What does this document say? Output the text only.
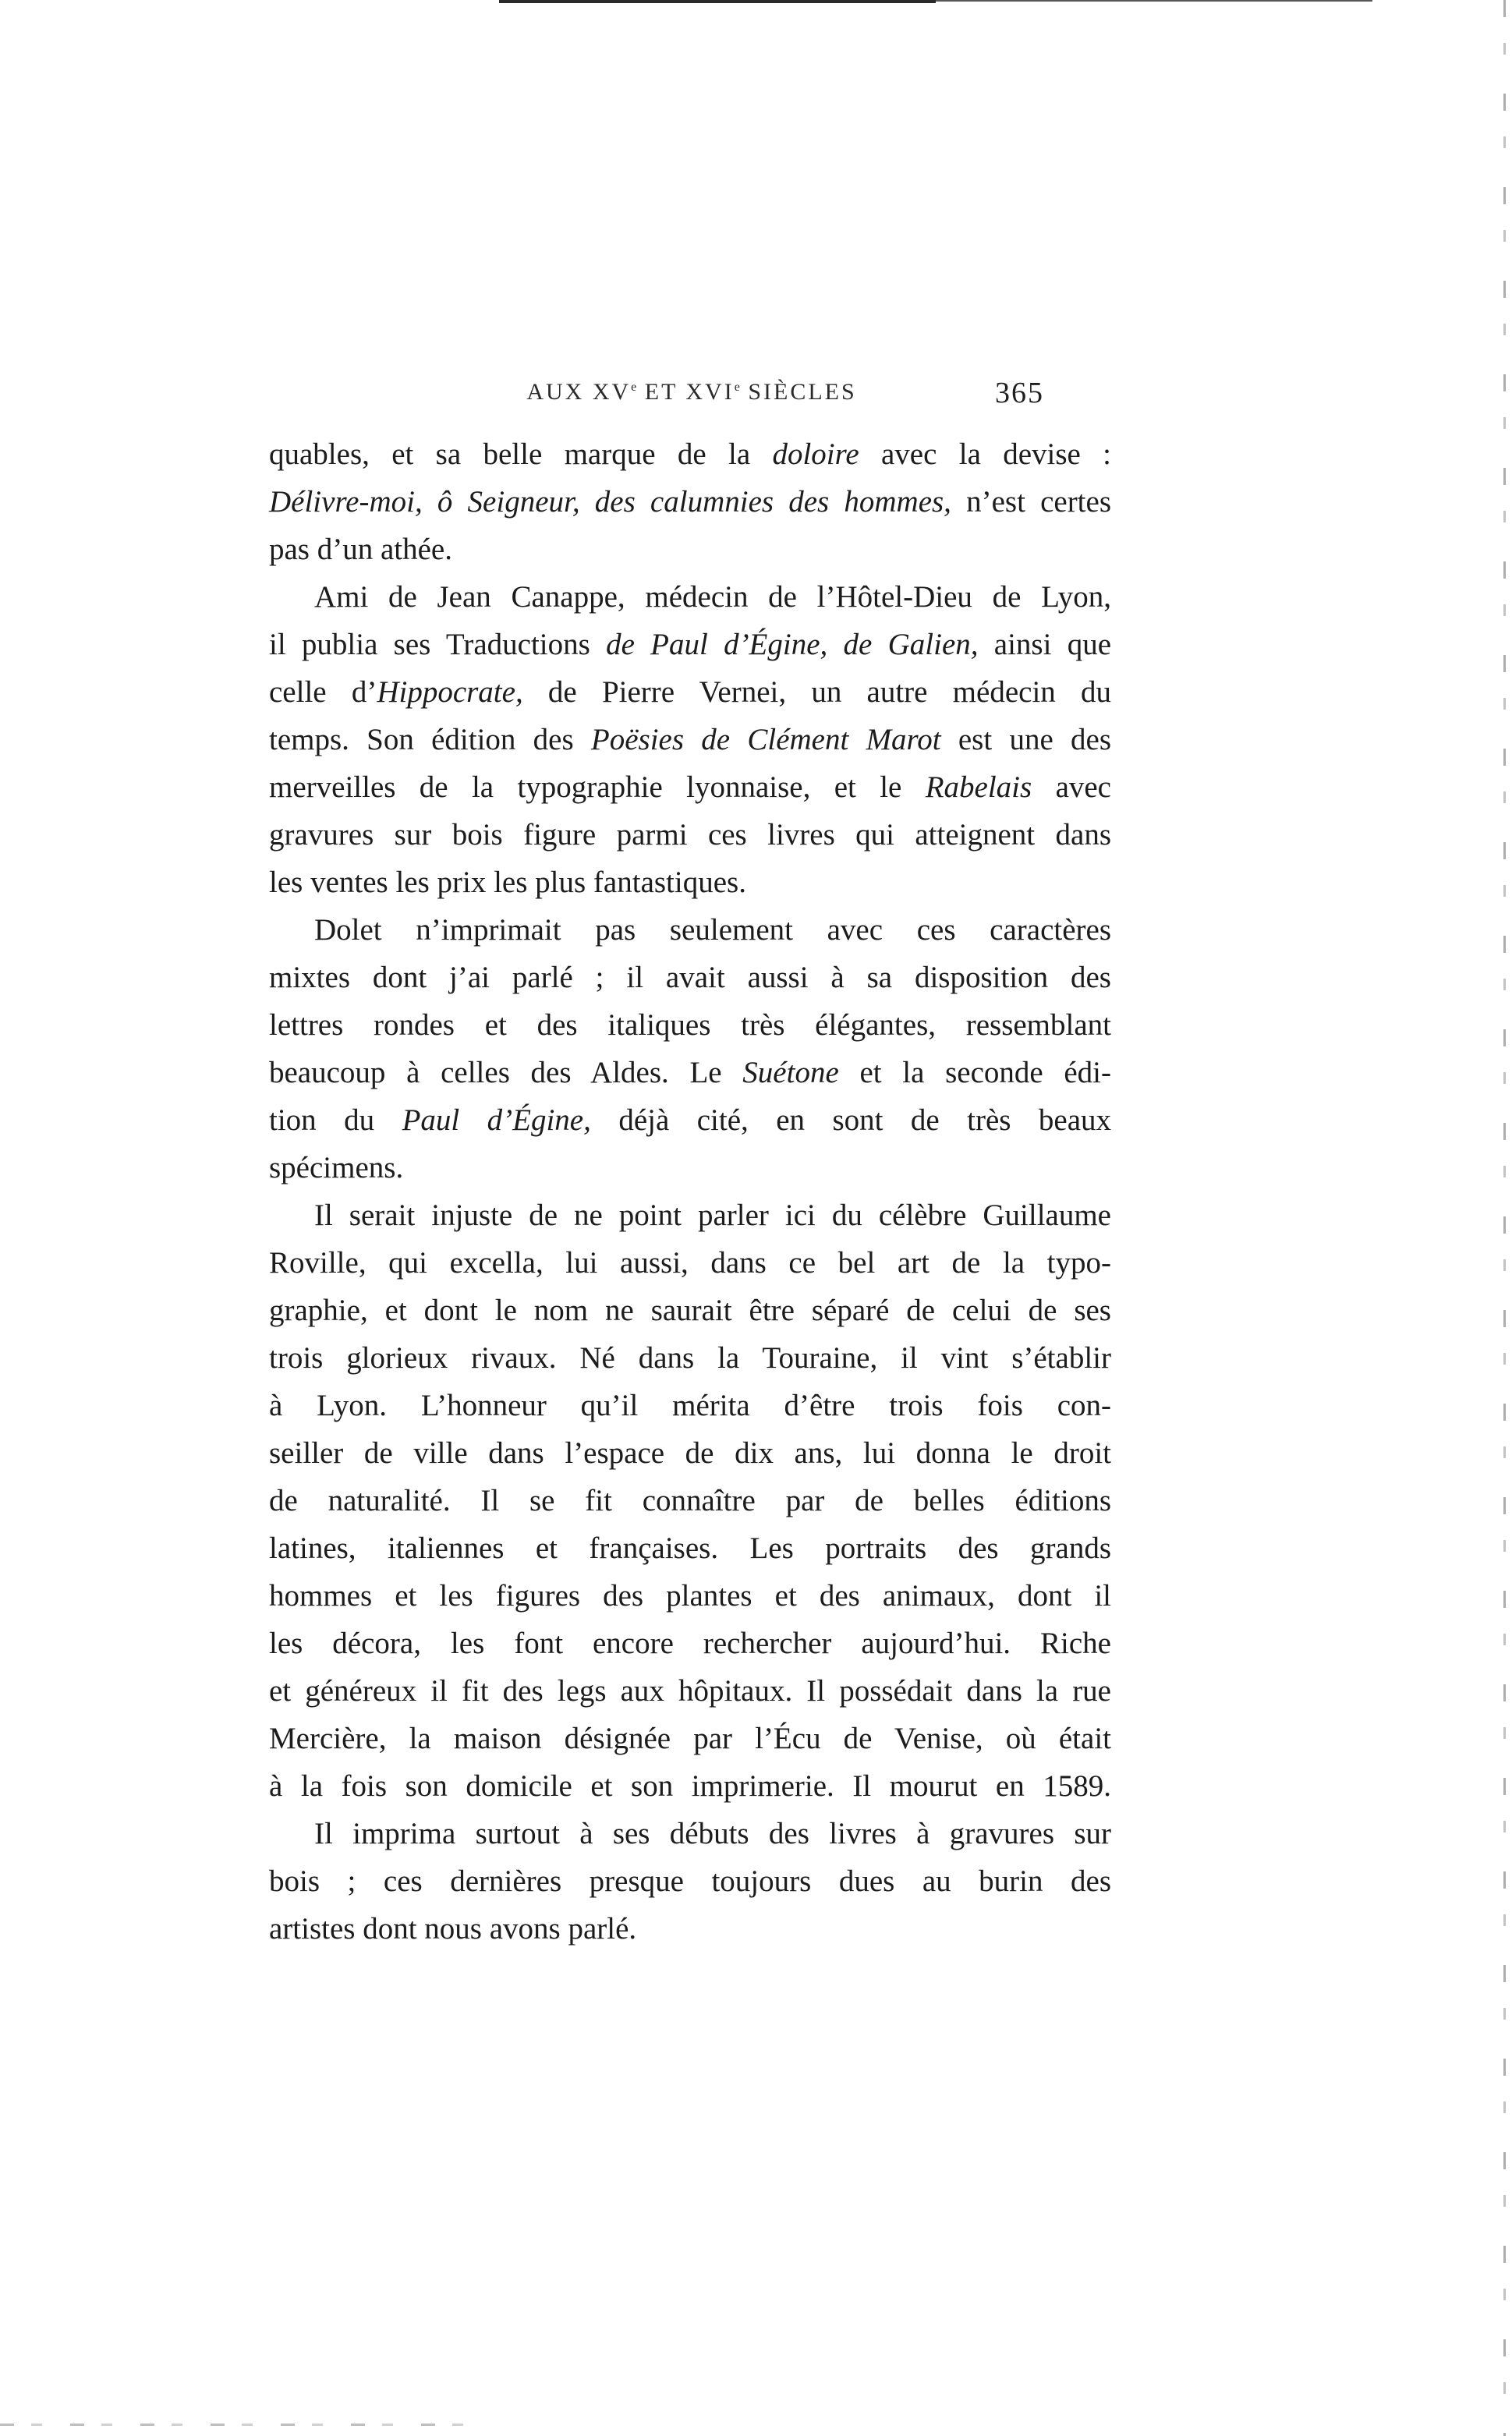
AUX XVe ET XVIe SIÈCLES	365
quables, et sa belle marque de la doloire avec la devise :
Délivre-moi, ô Seigneur, des calumnies des hommes, n’est certes
pas d’un athée.
Ami de Jean Canappe, médecin de l’Hôtel-Dieu de Lyon,
il publia ses Traductions de Paul d’Égine, de Galien, ainsi que
celle d’Hippocrate, de Pierre Vernei, un autre médecin du
temps. Son édition des Poësies de Clément Marot est une des
merveilles de la typographie lyonnaise, et le Rabelais avec
gravures sur bois figure parmi ces livres qui atteignent dans
les ventes les prix les plus fantastiques.
Dolet n’imprimait pas seulement avec ces caractères
mixtes dont j’ai parlé ; il avait aussi à sa disposition des
lettres rondes et des italiques très élégantes, ressemblant
beaucoup à celles des Aldes. Le Suétone et la seconde édi-
tion du Paul d’Égine, déjà cité, en sont de très beaux
spécimens.
Il serait injuste de ne point parler ici du célèbre Guillaume
Roville, qui excella, lui aussi, dans ce bel art de la typo-
graphie, et dont le nom ne saurait être séparé de celui de ses
trois glorieux rivaux. Né dans la Touraine, il vint s’établir
à Lyon. L’honneur qu’il mérita d’être trois fois con-
seiller de ville dans l’espace de dix ans, lui donna le droit
de naturalité. Il se fit connaître par de belles éditions
latines, italiennes et françaises. Les portraits des grands
hommes et les figures des plantes et des animaux, dont il
les décora, les font encore rechercher aujourd’hui. Riche
et généreux il fit des legs aux hôpitaux. Il possédait dans la rue
Mercière, la maison désignée par l’Écu de Venise, où était
à la fois son domicile et son imprimerie. Il mourut en 1589.
Il imprima surtout à ses débuts des livres à gravures sur
bois ; ces dernières presque toujours dues au burin des
artistes dont nous avons parlé.
